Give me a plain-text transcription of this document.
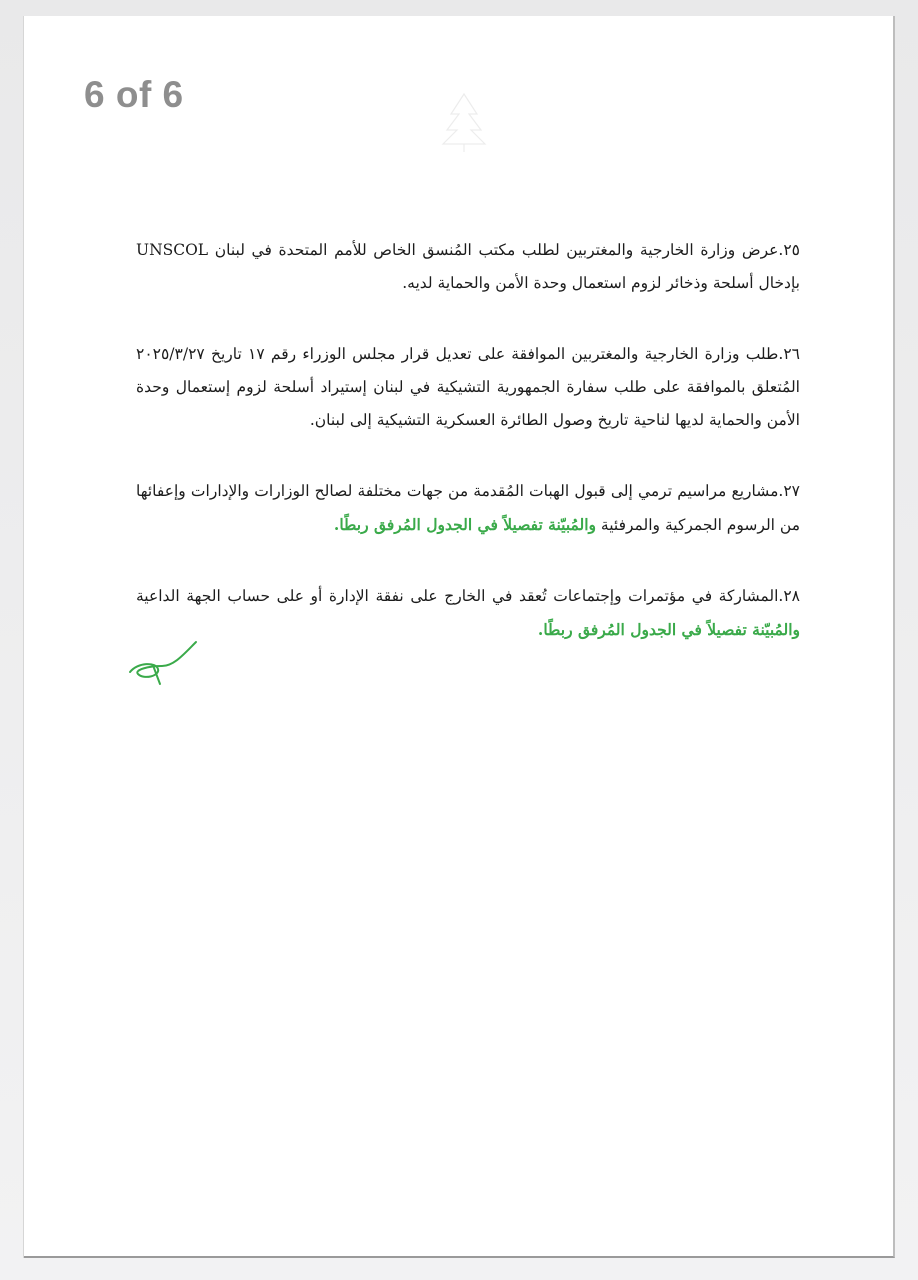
6 of 6
٢٥.عرض وزارة الخارجية والمغتربين لطلب مكتب المُنسق الخاص للأمم المتحدة في لبنان UNSCOL بإدخال أسلحة وذخائر لزوم استعمال وحدة الأمن والحماية لديه.
٢٦.طلب وزارة الخارجية والمغتربين الموافقة على تعديل قرار مجلس الوزراء رقم ١٧ تاريخ ٢٠٢٥/٣/٢٧ المُتعلق بالموافقة على طلب سفارة الجمهورية التشيكية في لبنان إستيراد أسلحة لزوم إستعمال وحدة الأمن والحماية لديها لناحية تاريخ وصول الطائرة العسكرية التشيكية إلى لبنان.
٢٧.مشاريع مراسيم ترمي إلى قبول الهبات المُقدمة من جهات مختلفة لصالح الوزارات والإدارات وإعفائها من الرسوم الجمركية والمرفئية والمُبيّنة تفصيلاً في الجدول المُرفق ربطًا.
٢٨.المشاركة في مؤتمرات وإجتماعات تُعقد في الخارج على نفقة الإدارة أو على حساب الجهة الداعية والمُبيّنة تفصيلاً في الجدول المُرفق ربطًا.
